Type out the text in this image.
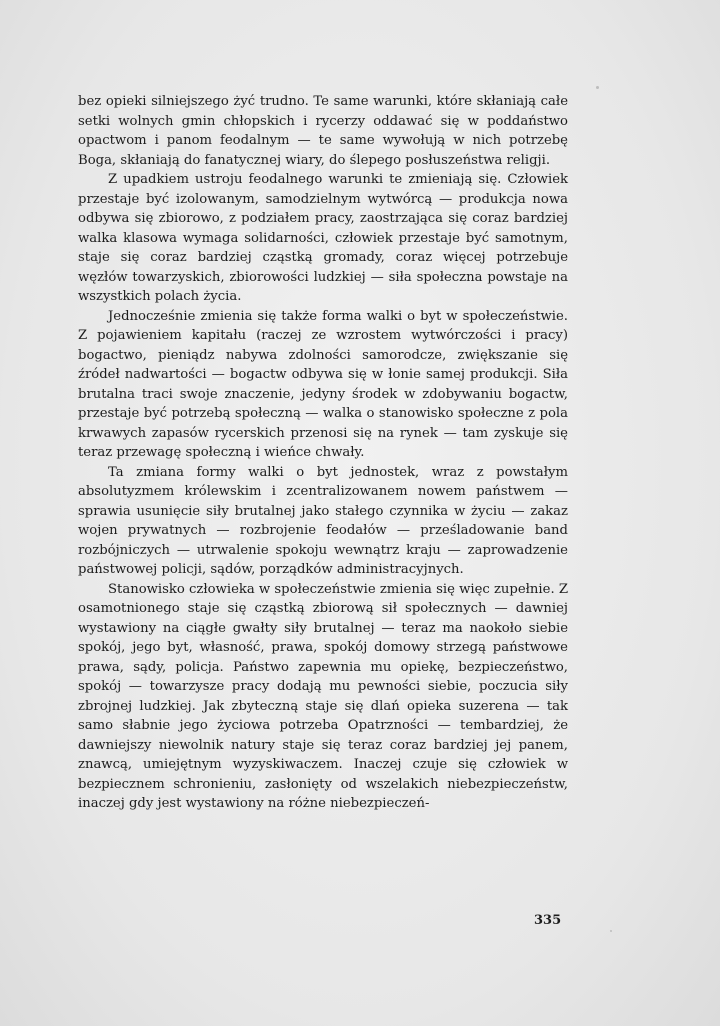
bez opieki silniejszego żyć trudno. Te same warunki, które skłaniają całe setki wolnych gmin chłopskich i rycerzy oddawać się w poddaństwo opactwom i panom feodalnym — te same wywołują w nich potrzebę Boga, skłaniają do fanatycznej wiary, do ślepego posłuszeństwa religji.

Z upadkiem ustroju feodalnego warunki te zmieniają się. Człowiek przestaje być izolowanym, samodzielnym wytwórcą — produkcja nowa odbywa się zbiorowo, z podziałem pracy, zaostrzająca się coraz bardziej walka klasowa wymaga solidarności, człowiek przestaje być samotnym, staje się coraz bardziej cząstką gromady, coraz więcej potrzebuje węzłów towarzyskich, zbiorowości ludzkiej — siła społeczna powstaje na wszystkich polach życia.

Jednocześnie zmienia się także forma walki o byt w społeczeństwie. Z pojawieniem kapitału (raczej ze wzrostem wytwórczości i pracy) bogactwo, pieniądz nabywa zdolności samorodcze, zwiększanie się źródeł nadwartości — bogactw odbywa się w łonie samej produkcji. Siła brutalna traci swoje znaczenie, jedyny środek w zdobywaniu bogactw, przestaje być potrzebą społeczną — walka o stanowisko społeczne z pola krwawych zapasów rycerskich przenosi się na rynek — tam zyskuje się teraz przewagę społeczną i wieńce chwały.

Ta zmiana formy walki o byt jednostek, wraz z powstałym absolutyzmem królewskim i zcentralizowanem nowem państwem — sprawia usunięcie siły brutalnej jako stałego czynnika w życiu — zakaz wojen prywatnych — rozbrojenie feodałów — prześladowanie band rozbójniczych — utrwalenie spokoju wewnątrz kraju — zaprowadzenie państwowej policji, sądów, porządków administracyjnych.

Stanowisko człowieka w społeczeństwie zmienia się więc zupełnie. Z osamotnionego staje się cząstką zbiorową sił społecznych — dawniej wystawiony na ciągłe gwałty siły brutalnej — teraz ma naokoło siebie spokój, jego byt, własność, prawa, spokój domowy strzegą państwowe prawa, sądy, policja. Państwo zapewnia mu opiekę, bezpieczeństwo, spokój — towarzysze pracy dodają mu pewności siebie, poczucia siły zbrojnej ludzkiej. Jak zbyteczną staje się dlań opieka suzerena — tak samo słabnie jego życiowa potrzeba Opatrzności — tembardziej, że dawniejszy niewolnik natury staje się teraz coraz bardziej jej panem, znawcą, umiejętnym wyzyskiwaczem. Inaczej czuje się człowiek w bezpiecznem schronieniu, zasłonięty od wszelakich niebezpieczeństw, inaczej gdy jest wystawiony na różne niebezpieczeń-

335
